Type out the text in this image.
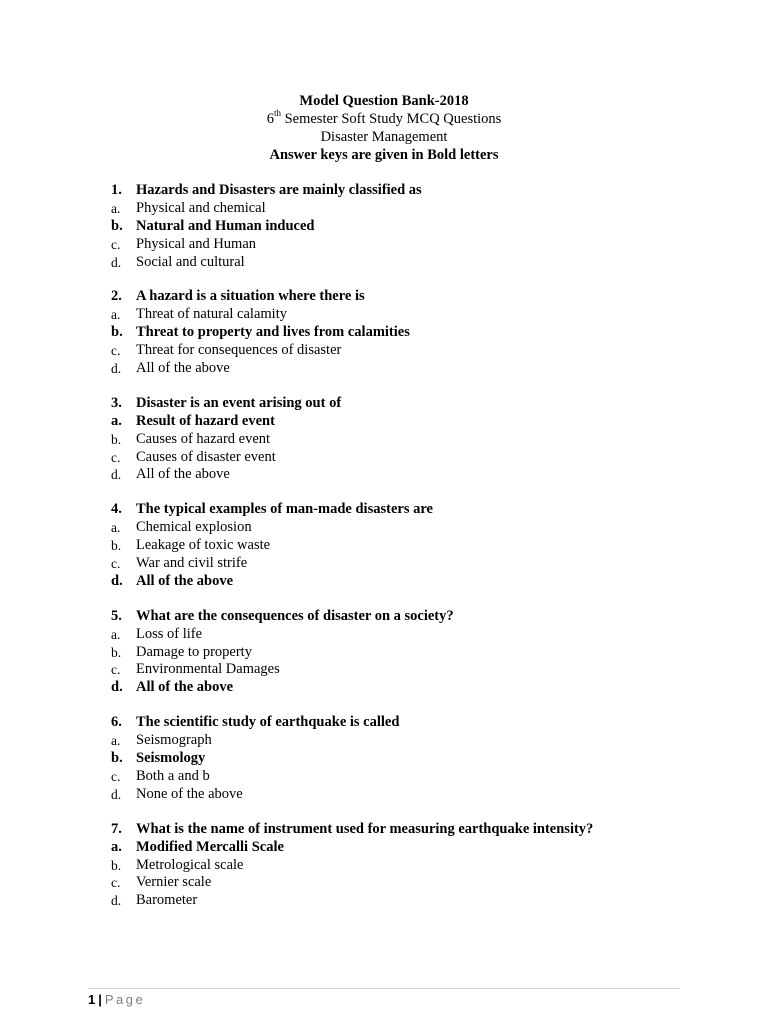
Model Question Bank-2018
6th Semester Soft Study MCQ Questions
Disaster Management
Answer keys are given in Bold letters
1. Hazards and Disasters are mainly classified as
a.	Physical and chemical
b. Natural and Human induced
c.	Physical and Human
d.	Social and cultural
2. A hazard is a situation where there is
a.	Threat of natural calamity
b. Threat to property and lives from calamities
c.	Threat for consequences of disaster
d.	All of the above
3. Disaster is an event arising out of
a. Result of hazard event
b.	Causes of hazard event
c.	Causes of disaster event
d.	All of the above
4. The typical examples of man-made disasters are
a.	Chemical explosion
b.	Leakage of toxic waste
c.	War and civil strife
d. All of the above
5. What are the consequences of disaster on a society?
a.	Loss of life
b.	Damage to property
c.	Environmental Damages
d. All of the above
6. The scientific study of earthquake is called
a.	Seismograph
b. Seismology
c.	Both a and b
d.	None of the above
7. What is the name of instrument used for measuring earthquake intensity?
a. Modified Mercalli Scale
b.	Metrological scale
c.	Vernier scale
d.	Barometer
1 | Page
